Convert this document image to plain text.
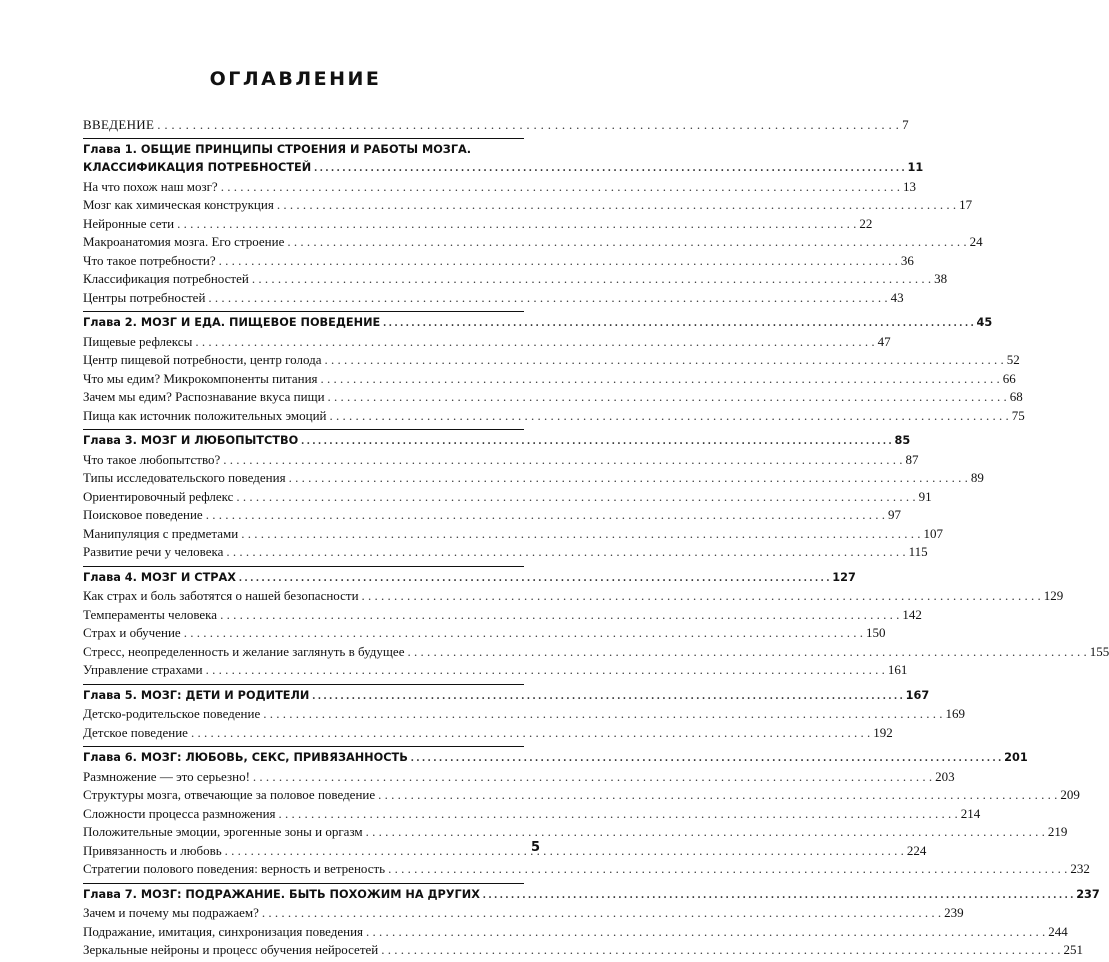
ОГЛАВЛЕНИЕ
ВВЕДЕНИЕ . . .	7
Глава 1. ОБЩИЕ ПРИНЦИПЫ СТРОЕНИЯ И РАБОТЫ МОЗГА.
КЛАССИФИКАЦИЯ ПОТРЕБНОСТЕЙ . . .	11
На что похож наш мозг? . . .	13
Мозг как химическая конструкция . . .	17
Нейронные сети . . .	22
Макроанатомия мозга. Его строение . . .	24
Что такое потребности? . . .	36
Классификация потребностей . . .	38
Центры потребностей . . .	43
Глава 2. МОЗГ И ЕДА. ПИЩЕВОЕ ПОВЕДЕНИЕ . . .	45
Пищевые рефлексы . . .	47
Центр пищевой потребности, центр голода . . .	52
Что мы едим? Микрокомпоненты питания . . .	66
Зачем мы едим? Распознавание вкуса пищи . . .	68
Пища как источник положительных эмоций . . .	75
Глава 3. МОЗГ И ЛЮБОПЫТСТВО . . .	85
Что такое любопытство? . . .	87
Типы исследовательского поведения . . .	89
Ориентировочный рефлекс . . .	91
Поисковое поведение . . .	97
Манипуляция с предметами . . .	107
Развитие речи у человека . . .	115
Глава 4. МОЗГ И СТРАХ . . .	127
Как страх и боль заботятся о нашей безопасности . . .	129
Темпераменты человека . . .	142
Страх и обучение . . .	150
Стресс, неопределенность и желание заглянуть в будущее . . .	155
Управление страхами . . .	161
Глава 5. МОЗГ: ДЕТИ И РОДИТЕЛИ . . .	167
Детско-родительское поведение . . .	169
Детское поведение . . .	192
Глава 6. МОЗГ: ЛЮБОВЬ, СЕКС, ПРИВЯЗАННОСТЬ . . .	201
Размножение — это серьезно! . . .	203
Структуры мозга, отвечающие за половое поведение . . .	209
Сложности процесса размножения . . .	214
Положительные эмоции, эрогенные зоны и оргазм . . .	219
Привязанность и любовь . . .	224
Стратегии полового поведения: верность и ветреность . . .	232
Глава 7. МОЗГ: ПОДРАЖАНИЕ. БЫТЬ ПОХОЖИМ НА ДРУГИХ . . .	237
Зачем и почему мы подражаем? . . .	239
Подражание, имитация, синхронизация поведения . . .	244
Зеркальные нейроны и процесс обучения нейросетей . . .	251
5
